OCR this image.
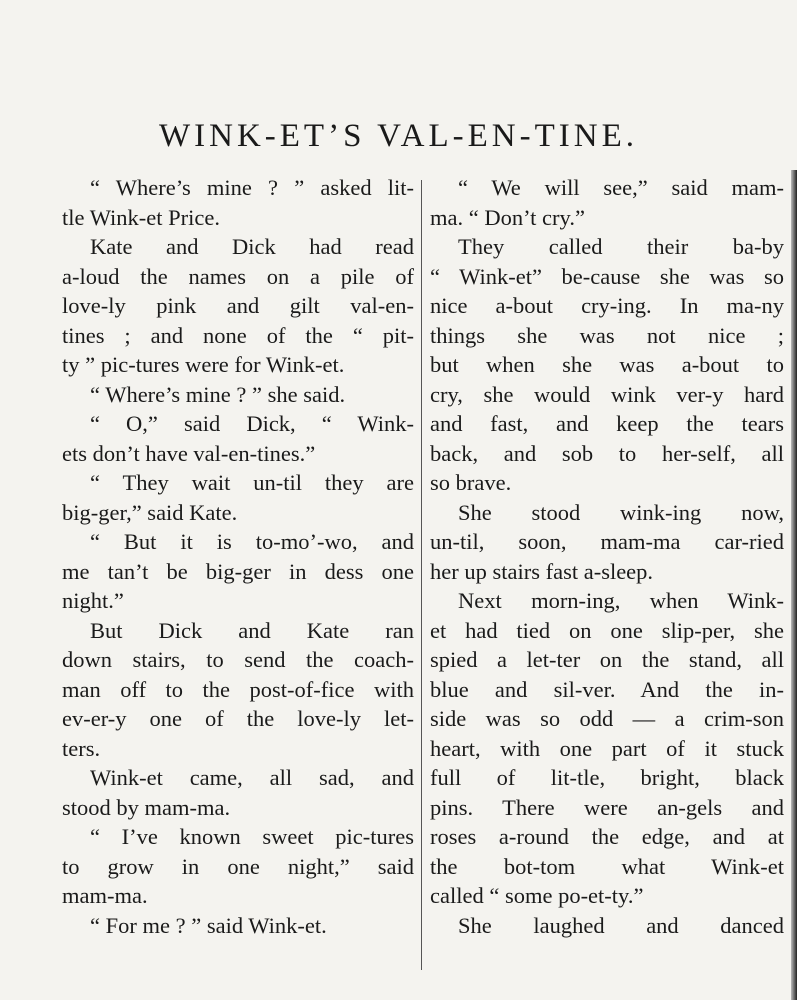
WINK-ET’S VAL-EN-TINE.
“ Where’s mine ? ” asked lit-
tle Wink-et Price.
Kate and Dick had read
a-loud the names on a pile of
love-ly pink and gilt val-en-
tines ; and none of the “ pit-
ty ” pic-tures were for Wink-et.
“ Where’s mine ? ” she said.
“ O,” said Dick, “ Wink-
ets don’t have val-en-tines.”
“ They wait un-til they are
big-ger,” said Kate.
“ But it is to-mo’-wo, and
me tan’t be big-ger in dess one
night.”
But Dick and Kate ran
down stairs, to send the coach-
man off to the post-of-fice with
ev-er-y one of the love-ly let-
ters.
Wink-et came, all sad, and
stood by mam-ma.
“ I’ve known sweet pic-tures
to grow in one night,” said
mam-ma.
“ For me ? ” said Wink-et.
“ We will see,” said mam-
ma. “ Don’t cry.”
They called their ba-by
“ Wink-et” be-cause she was so
nice a-bout cry-ing. In ma-ny
things she was not nice ;
but when she was a-bout to
cry, she would wink ver-y hard
and fast, and keep the tears
back, and sob to her-self, all
so brave.
She stood wink-ing now,
un-til, soon, mam-ma car-ried
her up stairs fast a-sleep.
Next morn-ing, when Wink-
et had tied on one slip-per, she
spied a let-ter on the stand, all
blue and sil-ver. And the in-
side was so odd — a crim-son
heart, with one part of it stuck
full of lit-tle, bright, black
pins. There were an-gels and
roses a-round the edge, and at
the bot-tom what Wink-et
called “ some po-et-ty.”
She laughed and danced
